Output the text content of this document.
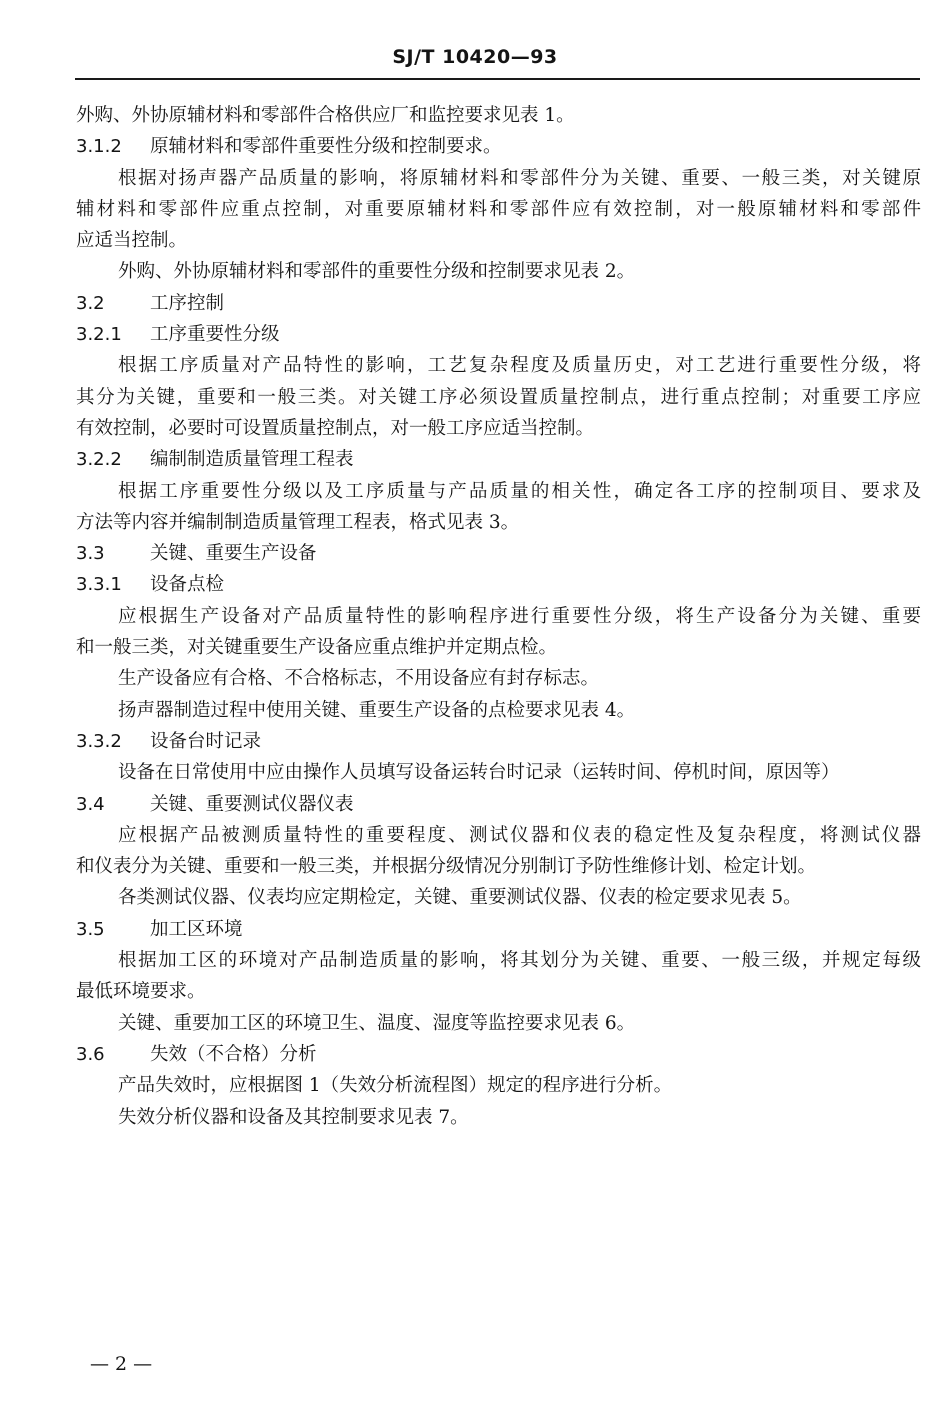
SJ/T 10420—93
外购、外协原辅材料和零部件合格供应厂和监控要求见表 1。
3.1.2 原辅材料和零部件重要性分级和控制要求。
根据对扬声器产品质量的影响，将原辅材料和零部件分为关键、重要、一般三类，对关键原
辅材料和零部件应重点控制，对重要原辅材料和零部件应有效控制，对一般原辅材料和零部件
应适当控制。
外购、外协原辅材料和零部件的重要性分级和控制要求见表 2。
3.2 工序控制
3.2.1 工序重要性分级
根据工序质量对产品特性的影响，工艺复杂程度及质量历史，对工艺进行重要性分级，将
其分为关键，重要和一般三类。对关键工序必须设置质量控制点，进行重点控制；对重要工序应
有效控制，必要时可设置质量控制点，对一般工序应适当控制。
3.2.2 编制制造质量管理工程表
根据工序重要性分级以及工序质量与产品质量的相关性，确定各工序的控制项目、要求及
方法等内容并编制制造质量管理工程表，格式见表 3。
3.3 关键、重要生产设备
3.3.1 设备点检
应根据生产设备对产品质量特性的影响程序进行重要性分级，将生产设备分为关键、重要
和一般三类，对关键重要生产设备应重点维护并定期点检。
生产设备应有合格、不合格标志，不用设备应有封存标志。
扬声器制造过程中使用关键、重要生产设备的点检要求见表 4。
3.3.2 设备台时记录
设备在日常使用中应由操作人员填写设备运转台时记录（运转时间、停机时间，原因等）
3.4 关键、重要测试仪器仪表
应根据产品被测质量特性的重要程度、测试仪器和仪表的稳定性及复杂程度，将测试仪器
和仪表分为关键、重要和一般三类，并根据分级情况分别制订予防性维修计划、检定计划。
各类测试仪器、仪表均应定期检定，关键、重要测试仪器、仪表的检定要求见表 5。
3.5 加工区环境
根据加工区的环境对产品制造质量的影响，将其划分为关键、重要、一般三级，并规定每级
最低环境要求。
关键、重要加工区的环境卫生、温度、湿度等监控要求见表 6。
3.6 失效（不合格）分析
产品失效时，应根据图 1（失效分析流程图）规定的程序进行分析。
失效分析仪器和设备及其控制要求见表 7。
— 2 —
